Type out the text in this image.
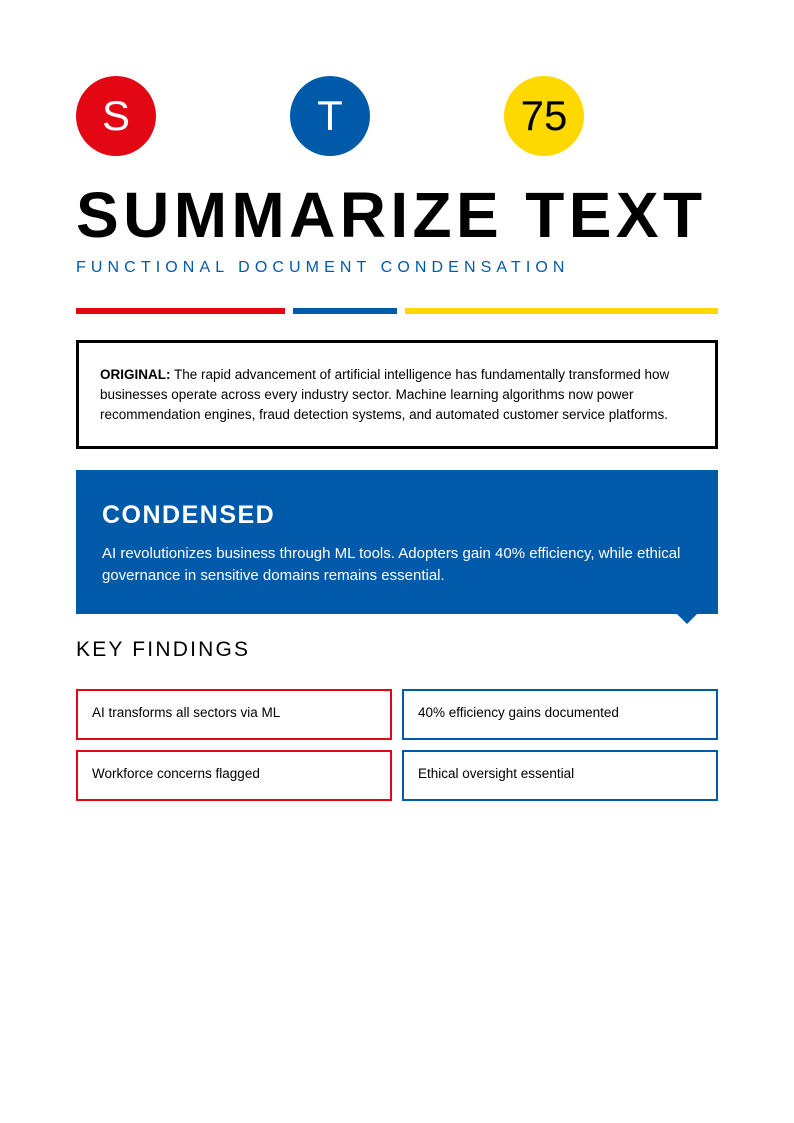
S	T	75
SUMMARIZE TEXT
FUNCTIONAL DOCUMENT CONDENSATION
ORIGINAL: The rapid advancement of artificial intelligence has fundamentally transformed how businesses operate across every industry sector. Machine learning algorithms now power recommendation engines, fraud detection systems, and automated customer service platforms.
CONDENSED

AI revolutionizes business through ML tools. Adopters gain 40% efficiency, while ethical governance in sensitive domains remains essential.

KEY FINDINGS
AI transforms all sectors via ML	40% efficiency gains documented
Workforce concerns flagged	Ethical oversight essential
